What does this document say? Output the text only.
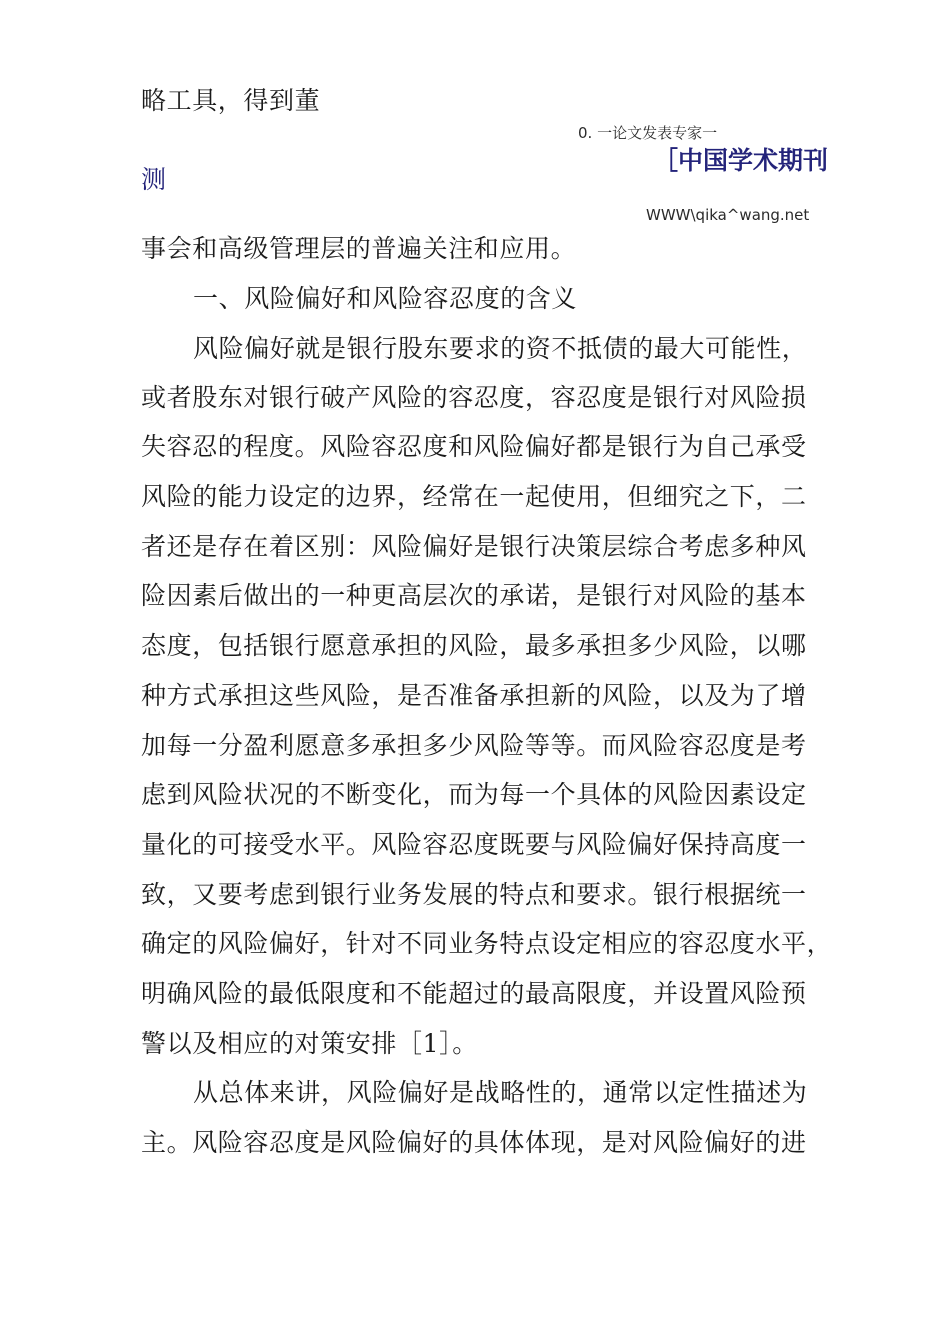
0. 一论文发表专家一
［中国学术期刊
WWW\qika^wang.net
略工具，得到董
测
事会和高级管理层的普遍关注和应用。
一、风险偏好和风险容忍度的含义
风险偏好就是银行股东要求的资不抵债的最大可能性，
或者股东对银行破产风险的容忍度，容忍度是银行对风险损
失容忍的程度。风险容忍度和风险偏好都是银行为自己承受
风险的能力设定的边界，经常在一起使用，但细究之下，二
者还是存在着区别：风险偏好是银行决策层综合考虑多种风
险因素后做出的一种更高层次的承诺，是银行对风险的基本
态度，包括银行愿意承担的风险，最多承担多少风险，以哪
种方式承担这些风险，是否准备承担新的风险，以及为了增
加每一分盈利愿意多承担多少风险等等。而风险容忍度是考
虑到风险状况的不断变化，而为每一个具体的风险因素设定
量化的可接受水平。风险容忍度既要与风险偏好保持高度一
致，又要考虑到银行业务发展的特点和要求。银行根据统一
确定的风险偏好，针对不同业务特点设定相应的容忍度水平，
明确风险的最低限度和不能超过的最高限度，并设置风险预
警以及相应的对策安排［1］。
从总体来讲，风险偏好是战略性的，通常以定性描述为
主。风险容忍度是风险偏好的具体体现，是对风险偏好的进
